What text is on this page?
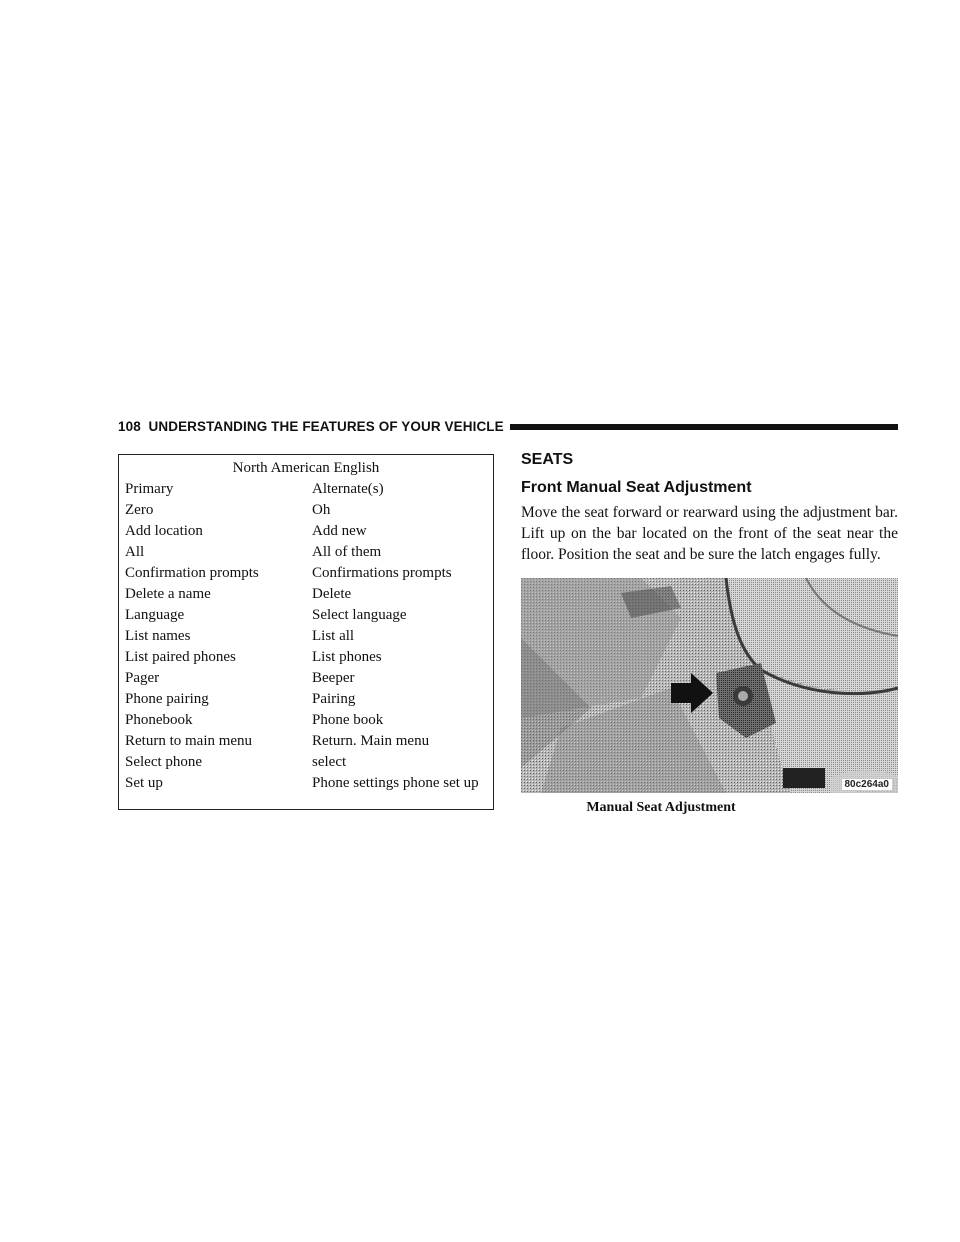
108 UNDERSTANDING THE FEATURES OF YOUR VEHICLE
North American English
Primary	Alternate(s)
Zero	Oh
Add location	Add new
All	All of them
Confirmation prompts	Confirmations prompts
Delete a name	Delete
Language	Select language
List names	List all
List paired phones	List phones
Pager	Beeper
Phone pairing	Pairing
Phonebook	Phone book
Return to main menu	Return. Main menu
Select phone	select
Set up	Phone settings phone set up
SEATS
Front Manual Seat Adjustment
Move the seat forward or rearward using the adjustment bar. Lift up on the bar located on the front of the seat near the floor. Position the seat and be sure the latch engages fully.
80c264a0
Manual Seat Adjustment
